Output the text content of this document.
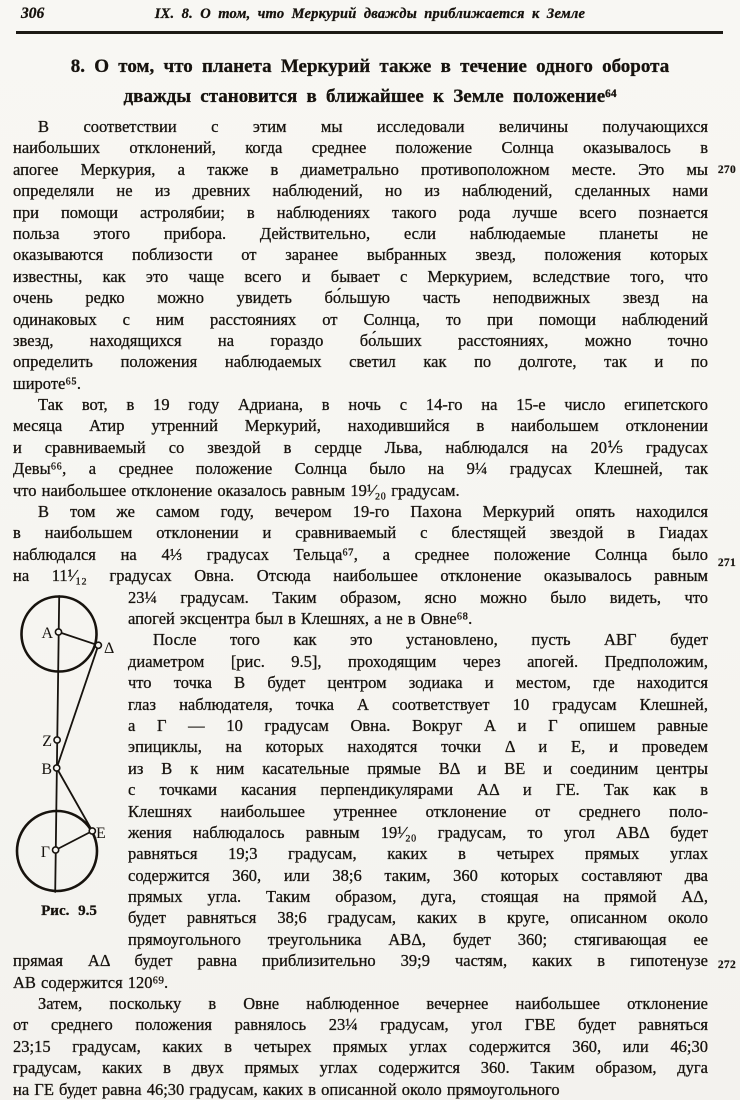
306	IX. 8. О том, что Меркурий дважды приближается к Земле
8. О том, что планета Меркурий также в течение одного оборота
дважды становится в ближайшее к Земле положение⁶⁴
В соответствии с этим мы исследовали величины получающихся
наибольших отклонений, когда среднее положение Солнца оказывалось в
апогее Меркурия, а также в диаметрально противоположном месте. Это мы
определяли не из древних наблюдений, но из наблюдений, сделанных нами
при помощи астролябии; в наблюдениях такого рода лучше всего познается
польза этого прибора. Действительно, если наблюдаемые планеты не
оказываются поблизости от заранее выбранных звезд, положения которых
известны, как это чаще всего и бывает с Меркурием, вследствие того, что
очень редко можно увидеть бо́льшую часть неподвижных звезд на
одинаковых с ним расстояниях от Солнца, то при помощи наблюдений
звезд, находящихся на гораздо бо́льших расстояниях, можно точно
определить положения наблюдаемых светил как по долготе, так и по
широте⁶⁵.
Так вот, в 19 году Адриана, в ночь с 14-го на 15-е число египетского
месяца Атир утренний Меркурий, находившийся в наибольшем отклонении
и сравниваемый со звездой в сердце Льва, наблюдался на 20⅕ градусах
Девы⁶⁶, а среднее положение Солнца было на 9¼ градусах Клешней, так
что наибольшее отклонение оказалось равным 19¹⁄₂₀ градусам.
В том же самом году, вечером 19-го Пахона Меркурий опять находился
в наибольшем отклонении и сравниваемый с блестящей звездой в Гиадах
наблюдался на 4⅓ градусах Тельца⁶⁷, а среднее положение Солнца было
на 11¹⁄₁₂ градусах Овна. Отсюда наибольшее отклонение оказывалось равным
А
Δ
Z
В
Г
Е
Рис. 9.5
23¼ градусам. Таким образом, ясно можно было видеть, что
апогей эксцентра был в Клешнях, а не в Овне⁶⁸.
После того как это установлено, пусть АВГ будет
диаметром [рис. 9.5], проходящим через апогей. Предположим,
что точка В будет центром зодиака и местом, где находится
глаз наблюдателя, точка А соответствует 10 градусам Клешней,
а Г — 10 градусам Овна. Вокруг А и Г опишем равные
эпициклы, на которых находятся точки Δ и Е, и проведем
из В к ним касательные прямые ВΔ и ВЕ и соединим центры
с точками касания перпендикулярами АΔ и ГЕ. Так как в
Клешнях наибольшее утреннее отклонение от среднего поло-
жения наблюдалось равным 19¹⁄₂₀ градусам, то угол АВΔ будет
равняться 19;3 градусам, каких в четырех прямых углах
содержится 360, или 38;6 таким, 360 которых составляют два
прямых угла. Таким образом, дуга, стоящая на прямой АΔ,
будет равняться 38;6 градусам, каких в круге, описанном около
прямоугольного треугольника АВΔ, будет 360; стягивающая ее
прямая АΔ будет равна приблизительно 39;9 частям, каких в гипотенузе
АВ содержится 120⁶⁹.
Затем, поскольку в Овне наблюденное вечернее наибольшее отклонение
от среднего положения равнялось 23¼ градусам, угол ГВЕ будет равняться
23;15 градусам, каких в четырех прямых углах содержится 360, или 46;30
градусам, каких в двух прямых углах содержится 360. Таким образом, дуга
на ГЕ будет равна 46;30 градусам, каких в описанной около прямоугольного
270
271
272
